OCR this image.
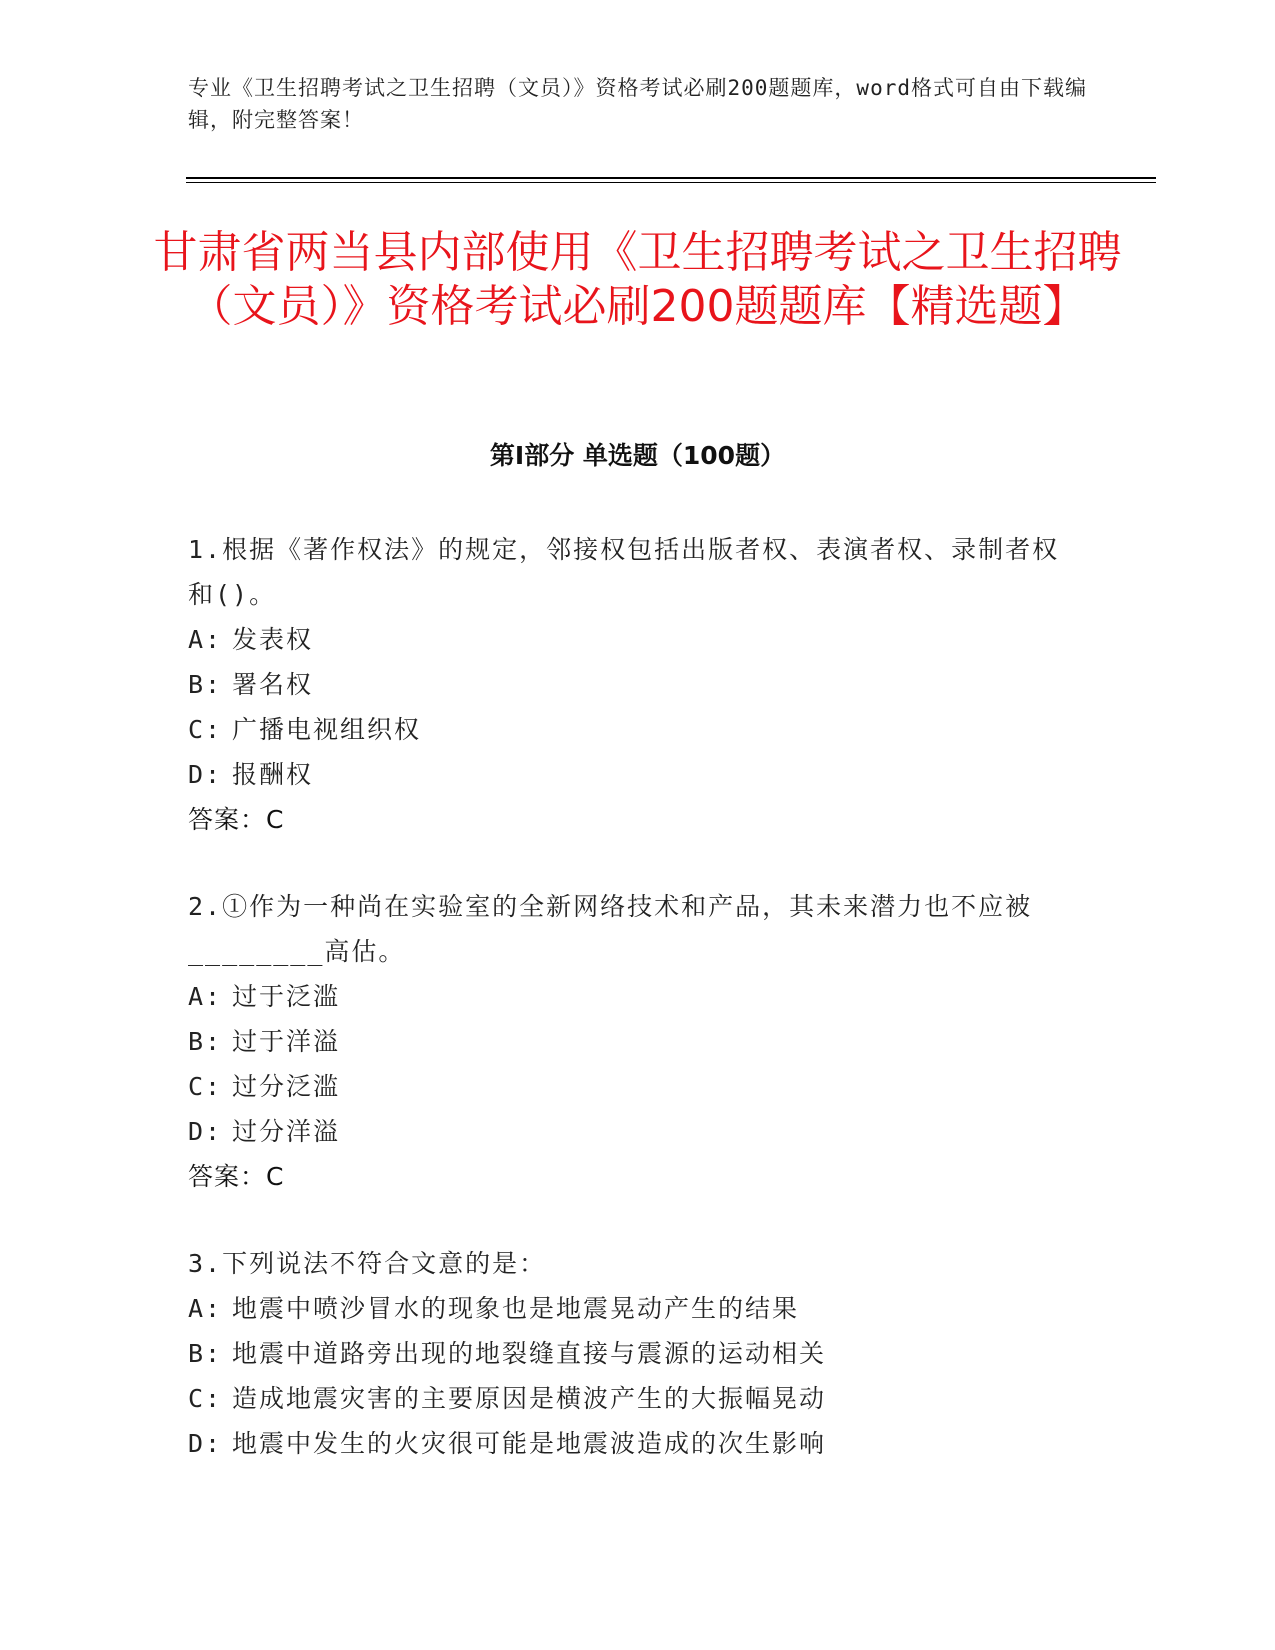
专业《卫生招聘考试之卫生招聘（文员）》资格考试必刷200题题库，word格式可自由下载编辑，附完整答案！
甘肃省两当县内部使用《卫生招聘考试之卫生招聘（文员）》资格考试必刷200题题库【精选题】
第Ⅰ部分 单选题（100题）

1.根据《著作权法》的规定，邻接权包括出版者权、表演者权、录制者权和()。

A: 发表权
B: 署名权
C: 广播电视组织权
D: 报酬权
答案：C

2.①作为一种尚在实验室的全新网络技术和产品，其未来潜力也不应被________高估。

A: 过于泛滥
B: 过于洋溢
C: 过分泛滥
D: 过分洋溢
答案：C

3.下列说法不符合文意的是：

A: 地震中喷沙冒水的现象也是地震晃动产生的结果
B: 地震中道路旁出现的地裂缝直接与震源的运动相关
C: 造成地震灾害的主要原因是横波产生的大振幅晃动
D: 地震中发生的火灾很可能是地震波造成的次生影响
